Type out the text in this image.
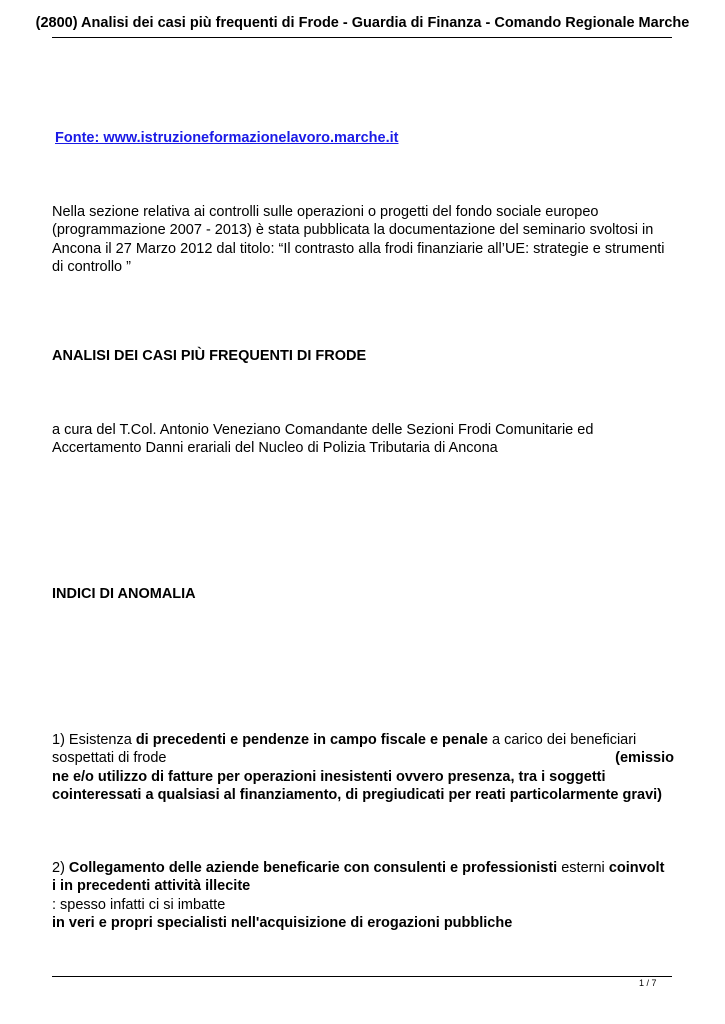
(2800) Analisi dei casi più frequenti di Frode - Guardia di Finanza - Comando Regionale Marche
Fonte: www.istruzioneformazionelavoro.marche.it
Nella sezione relativa ai controlli sulle operazioni o progetti del fondo sociale europeo
(programmazione 2007 - 2013) è stata pubblicata la documentazione del seminario svoltosi in
Ancona il 27 Marzo 2012 dal titolo: “Il contrasto alla frodi finanziarie all’UE: strategie e strumenti
di controllo ”
ANALISI DEI CASI PIÙ FREQUENTI DI FRODE
a cura del T.Col. Antonio Veneziano Comandante delle Sezioni Frodi Comunitarie ed
Accertamento Danni erariali del Nucleo di Polizia Tributaria di Ancona
INDICI DI ANOMALIA
1) Esistenza di precedenti e pendenze in campo fiscale e penale a carico dei beneficiari
sospettati di frode	(emissio
ne e/o utilizzo di fatture per operazioni inesistenti ovvero presenza, tra i soggetti
cointeressati a qualsiasi al finanziamento, di pregiudicati per reati particolarmente gravi)
2) Collegamento delle aziende beneficarie con consulenti e professionisti esterni coinvolt
i in precedenti attività illecite
: spesso infatti ci si imbatte
in veri e propri specialisti nell'acquisizione di erogazioni pubbliche
1 / 7
